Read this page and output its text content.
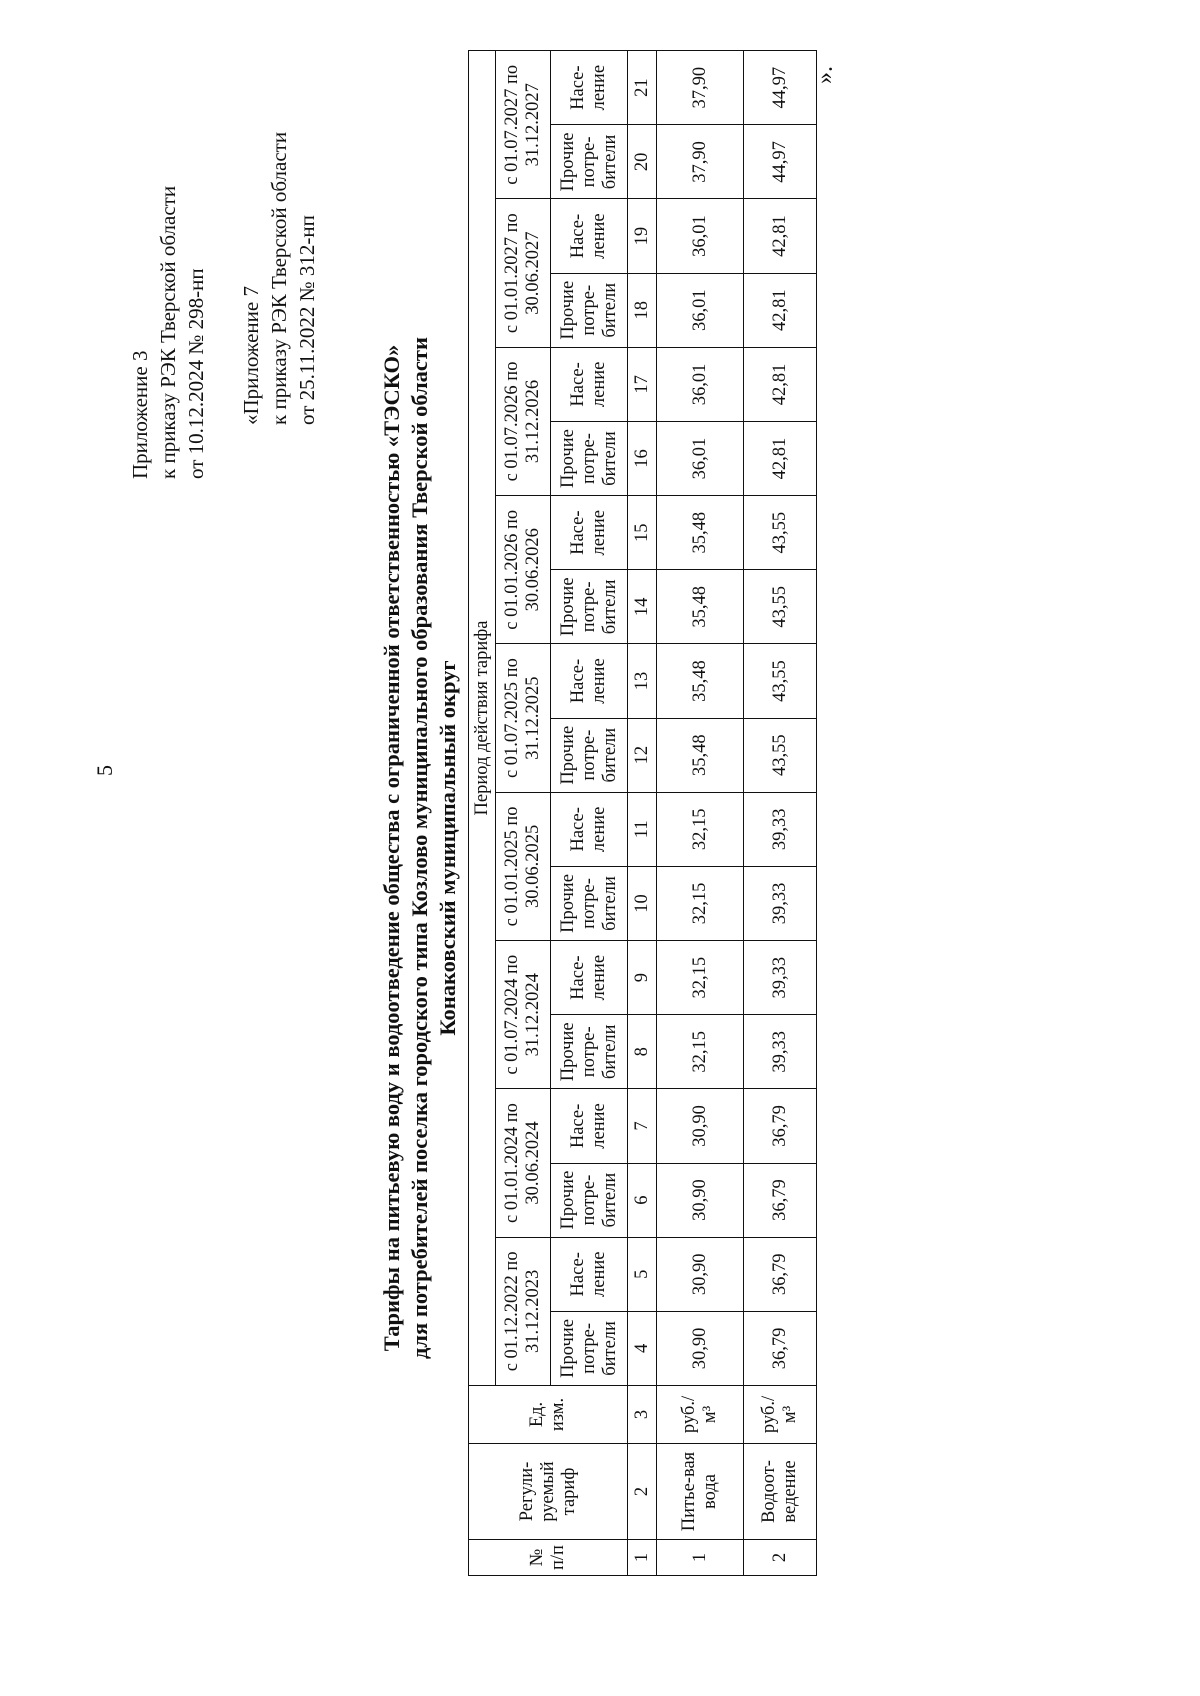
5
Приложение 3 к приказу РЭК Тверской области от 10.12.2024 № 298-нп «Приложение 7 к приказу РЭК Тверской области от 25.11.2022 № 312-нп
Тарифы на питьевую воду и водоотведение общества с ограниченной ответственностью «ТЭСКО» для потребителей поселка городского типа Козлово муниципального образования Тверской области Конаковский муниципальный округ
№ п/п	Регули-руемый тариф	Ед. изм.	Период действия тарифа																	
			с 01.12.2022 по 31.12.2023		с 01.01.2024 по 30.06.2024		с 01.07.2024 по 31.12.2024		с 01.01.2025 по 30.06.2025		с 01.07.2025 по 31.12.2025		с 01.01.2026 по 30.06.2026		с 01.07.2026 по 31.12.2026		с 01.01.2027 по 30.06.2027		с 01.07.2027 по 31.12.2027	
			Прочие потре-бители	Насе-ление	Прочие потре-бители	Насе-ление	Прочие потре-бители	Насе-ление	Прочие потре-бители	Насе-ление	Прочие потре-бители	Насе-ление	Прочие потре-бители	Насе-ление	Прочие потре-бители	Насе-ление	Прочие потре-бители	Насе-ление	Прочие потре-бители	Насе-ление
1	2	3	4	5	6	7	8	9	10	11	12	13	14	15	16	17	18	19	20	21
1	Питье-вая вода	руб./м³	30,90	30,90	30,90	30,90	32,15	32,15	32,15	32,15	35,48	35,48	35,48	35,48	36,01	36,01	36,01	36,01	37,90	37,90
2	Водоот-ведение	руб./м³	36,79	36,79	36,79	36,79	39,33	39,33	39,33	39,33	43,55	43,55	43,55	43,55	42,81	42,81	42,81	42,81	44,97	44,97 ».
